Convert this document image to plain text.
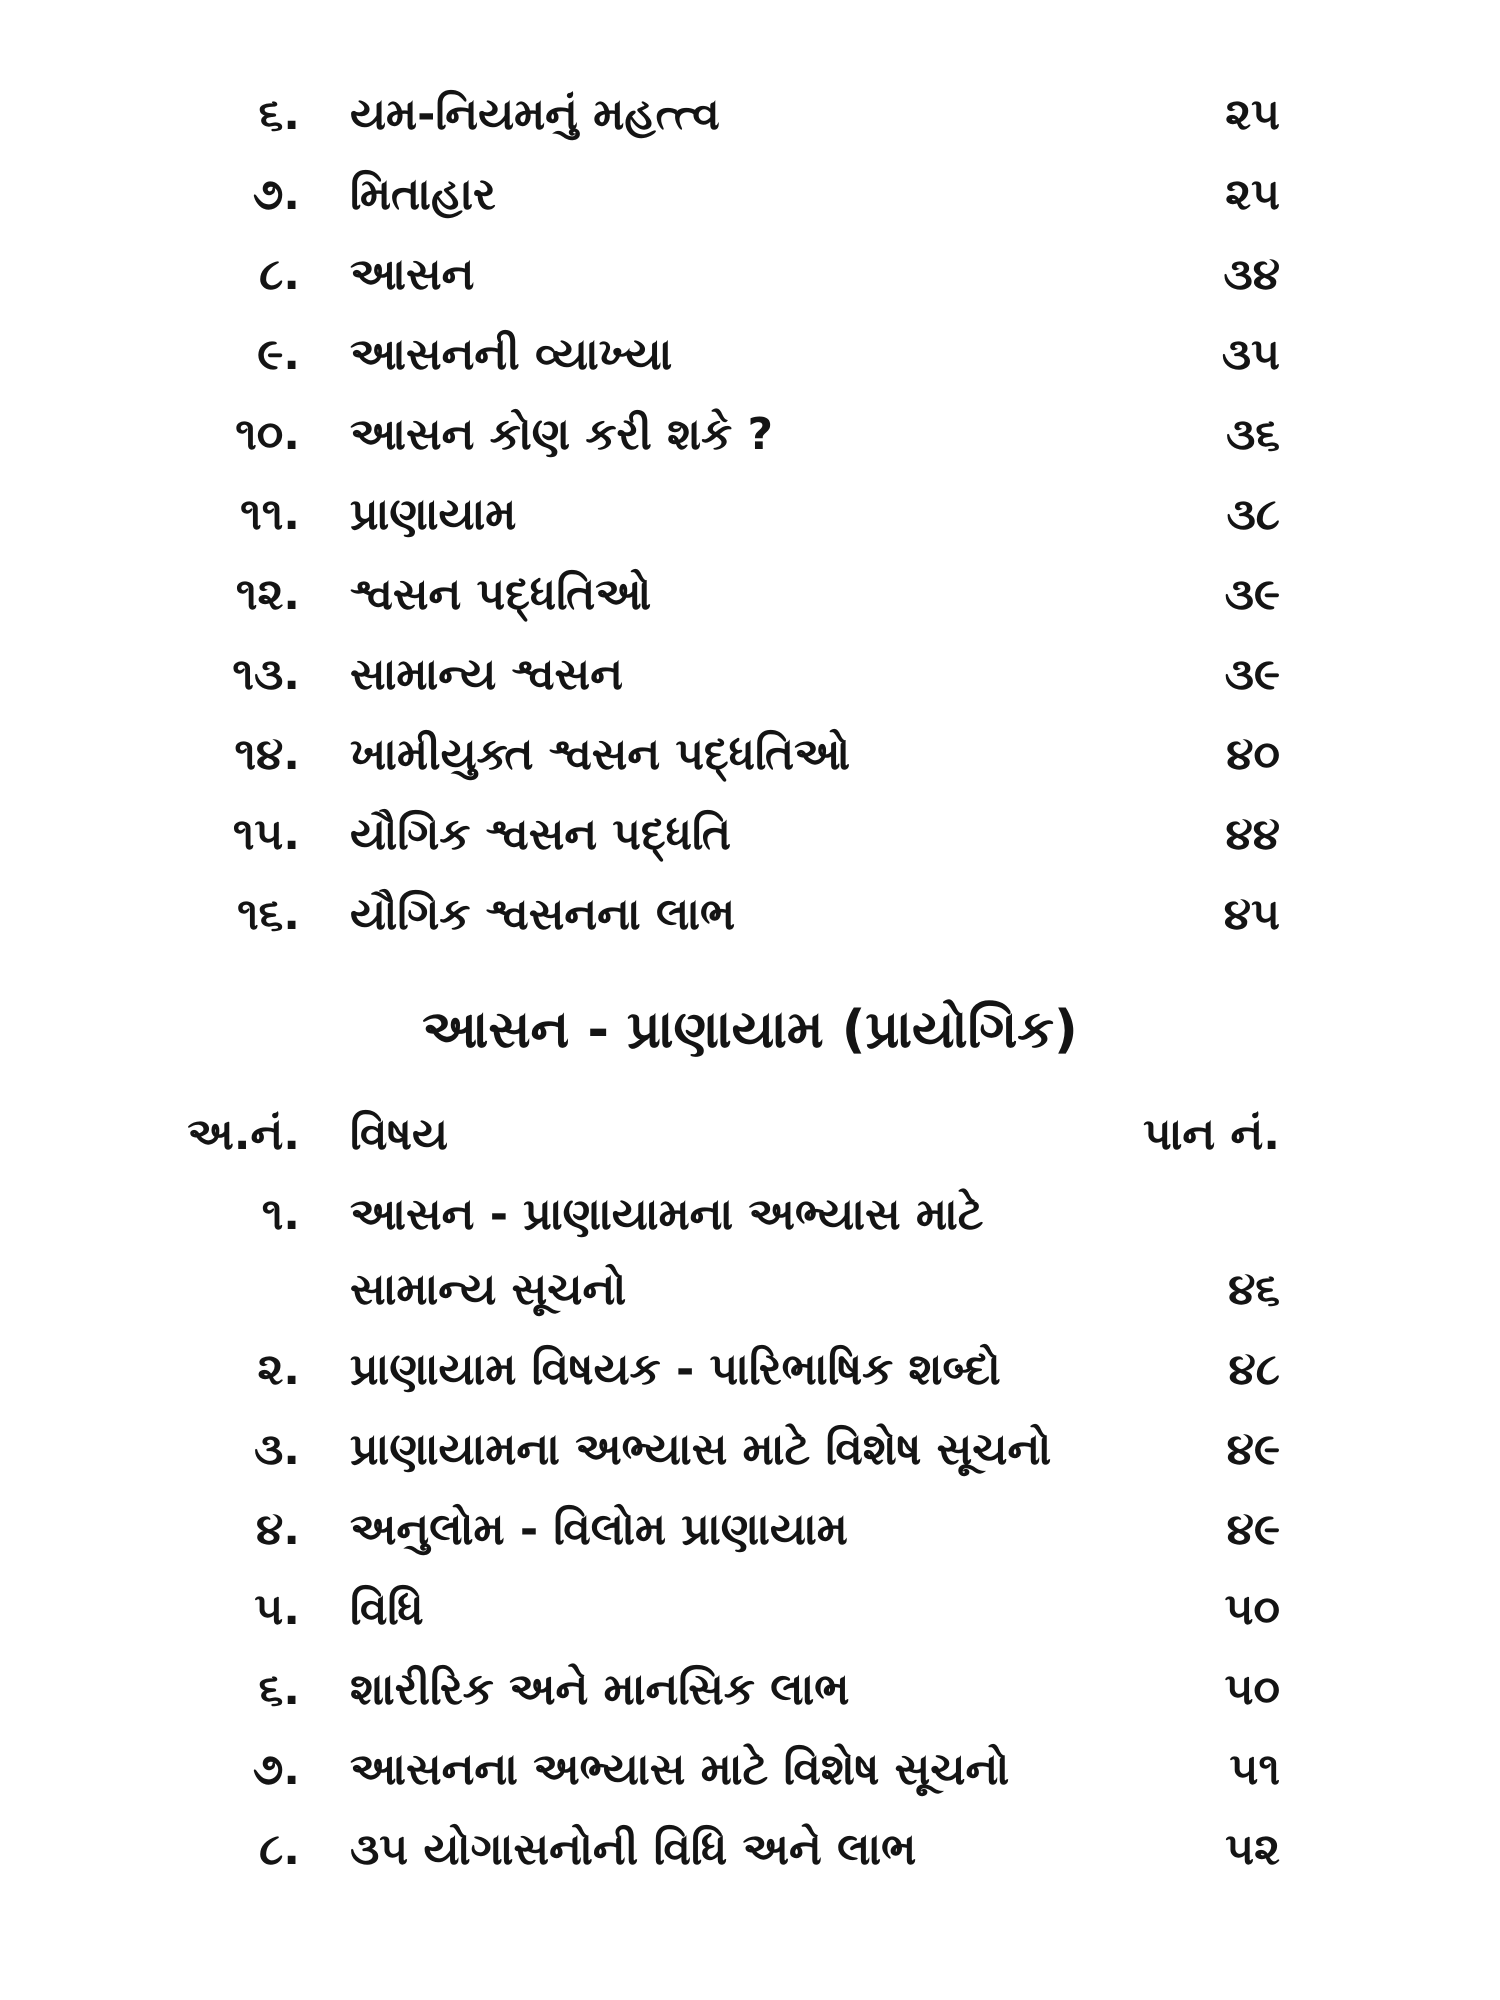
૬. યમ-નિયમનું મહત્ત્વ	૨૫
૭. મિતાહાર	૨૫
૮. આસન	૩૪
૯. આસનની વ્યાખ્યા	૩૫
૧૦. આસન કોણ કરી શકે ?	૩૬
૧૧. પ્રાણાયામ	૩૮
૧૨. શ્વસન પદ્ધતિઓ	૩૯
૧૩. સામાન્ય શ્વસન	૩૯
૧૪. ખામીયુક્ત શ્વસન પદ્ધતિઓ	૪૦
૧૫. યૌગિક શ્વસન પદ્ધતિ	૪૪
૧૬. યૌગિક શ્વસનના લાભ	૪૫
આસન - પ્રાણાયામ (પ્રાયોગિક)
અ.નં. વિષય	પાન નં.
૧. આસન - પ્રાણાયામના અભ્યાસ માટે
સામાન્ય સૂચનો	૪૬
૨. પ્રાણાયામ વિષયક - પારિભાષિક શબ્દો	૪૮
૩. પ્રાણાયામના અભ્યાસ માટે વિશેષ સૂચનો	૪૯
૪. અનુલોમ - વિલોમ પ્રાણાયામ	૪૯
૫. વિધિ	૫૦
૬. શારીરિક અને માનસિક લાભ	૫૦
૭. આસનના અભ્યાસ માટે વિશેષ સૂચનો	૫૧
૮. ૩૫ યોગાસનોની વિધિ અને લાભ	૫૨
